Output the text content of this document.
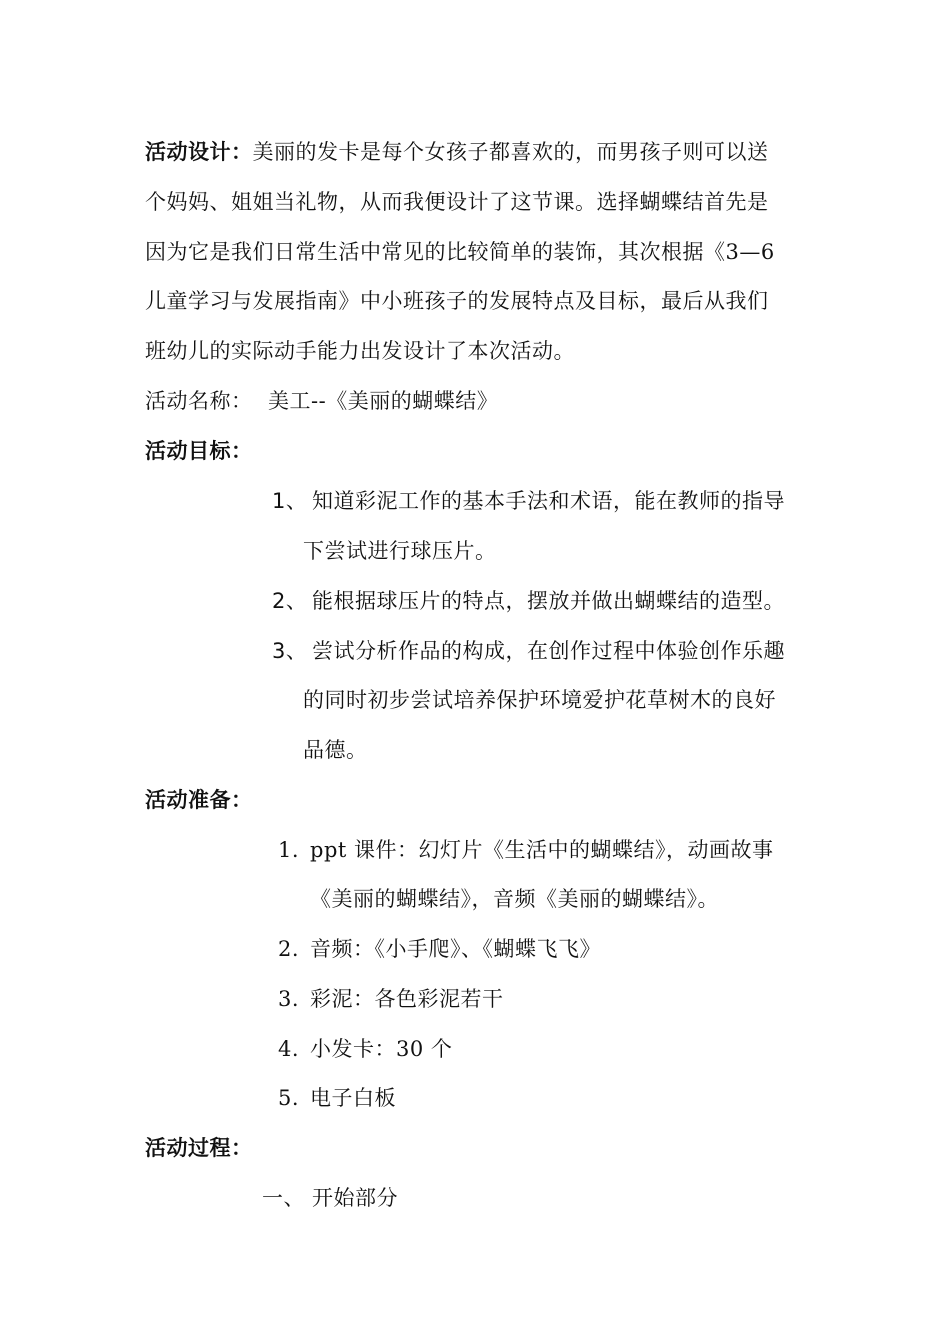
活动设计：美丽的发卡是每个女孩子都喜欢的，而男孩子则可以送
个妈妈、姐姐当礼物，从而我便设计了这节课。选择蝴蝶结首先是
因为它是我们日常生活中常见的比较简单的装饰，其次根据《3—6
儿童学习与发展指南》中小班孩子的发展特点及目标，最后从我们
班幼儿的实际动手能力出发设计了本次活动。
活动名称： 美工--《美丽的蝴蝶结》
活动目标：
1、 知道彩泥工作的基本手法和术语，能在教师的指导
下尝试进行球压片。
2、 能根据球压片的特点，摆放并做出蝴蝶结的造型。
3、 尝试分析作品的构成，在创作过程中体验创作乐趣
的同时初步尝试培养保护环境爱护花草树木的良好
品德。
活动准备：
1. ppt 课件：幻灯片《生活中的蝴蝶结》，动画故事
《美丽的蝴蝶结》，音频《美丽的蝴蝶结》。
2. 音频：《小手爬》、《蝴蝶飞飞》
3. 彩泥：各色彩泥若干
4. 小发卡：30 个
5. 电子白板
活动过程：
一、 开始部分
